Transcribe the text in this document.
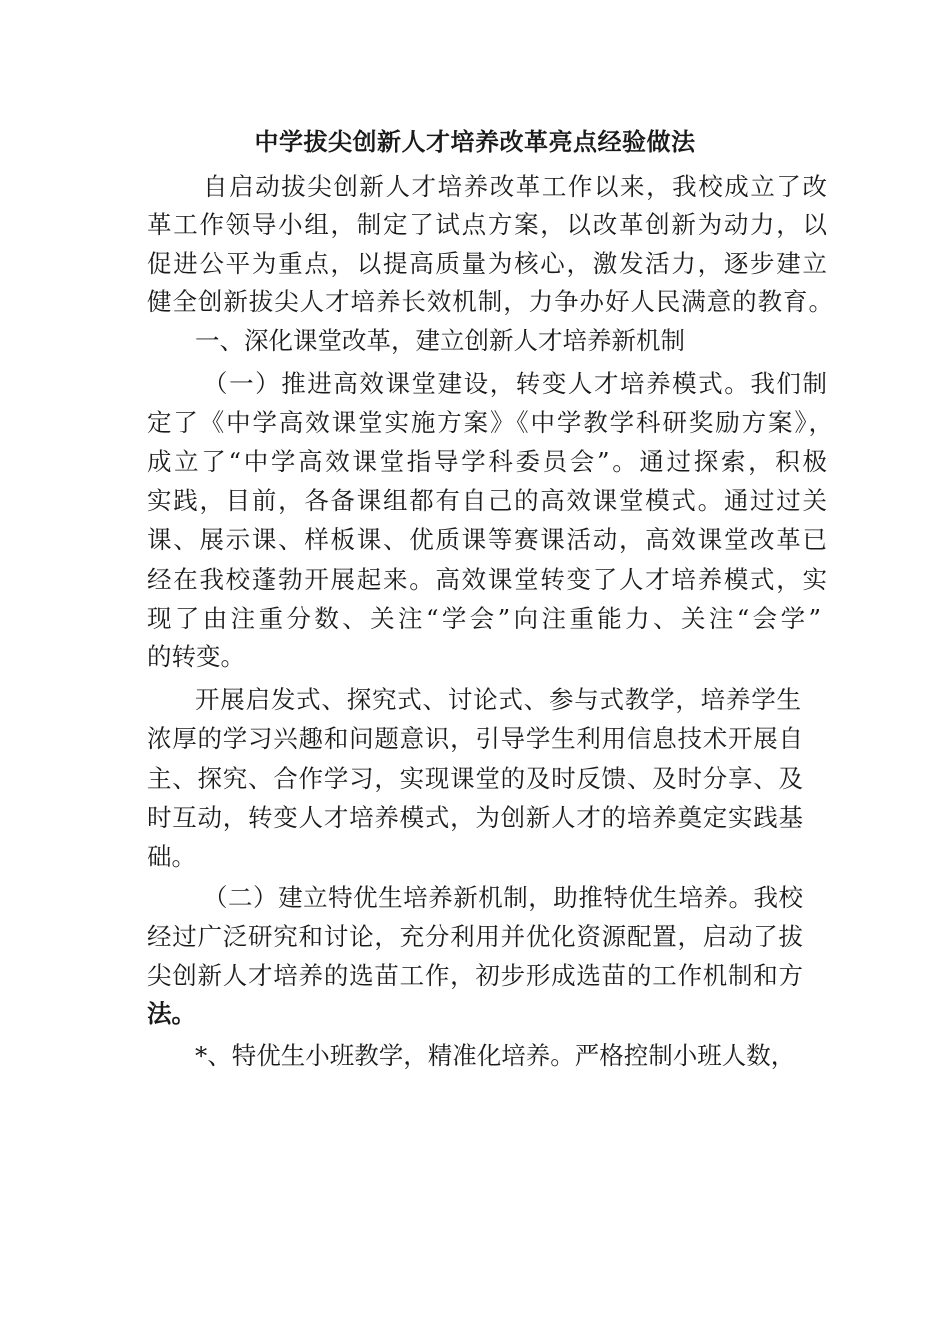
中学拔尖创新人才培养改革亮点经验做法

自启动拔尖创新人才培养改革工作以来，我校成立了改

革工作领导小组，制定了试点方案，以改革创新为动力，以

促进公平为重点，以提高质量为核心，激发活力，逐步建立

健全创新拔尖人才培养长效机制，力争办好人民满意的教育。

一、深化课堂改革，建立创新人才培养新机制

（一）推进高效课堂建设，转变人才培养模式。我们制

定了《中学高效课堂实施方案》《中学教学科研奖励方案》，

成立了“中学高效课堂指导学科委员会”。通过探索，积极

实践，目前，各备课组都有自己的高效课堂模式。通过过关

课、展示课、样板课、优质课等赛课活动，高效课堂改革已

经在我校蓬勃开展起来。高效课堂转变了人才培养模式，实

现了由注重分数、关注“学会”向注重能力、关注“会学”

的转变。

开展启发式、探究式、讨论式、参与式教学，培养学生

浓厚的学习兴趣和问题意识，引导学生利用信息技术开展自

主、探究、合作学习，实现课堂的及时反馈、及时分享、及

时互动，转变人才培养模式，为创新人才的培养奠定实践基

础。

（二）建立特优生培养新机制，助推特优生培养。我校

经过广泛研究和讨论，充分利用并优化资源配置，启动了拔

尖创新人才培养的选苗工作，初步形成选苗的工作机制和方

法。

*、特优生小班教学，精准化培养。严格控制小班人数，
